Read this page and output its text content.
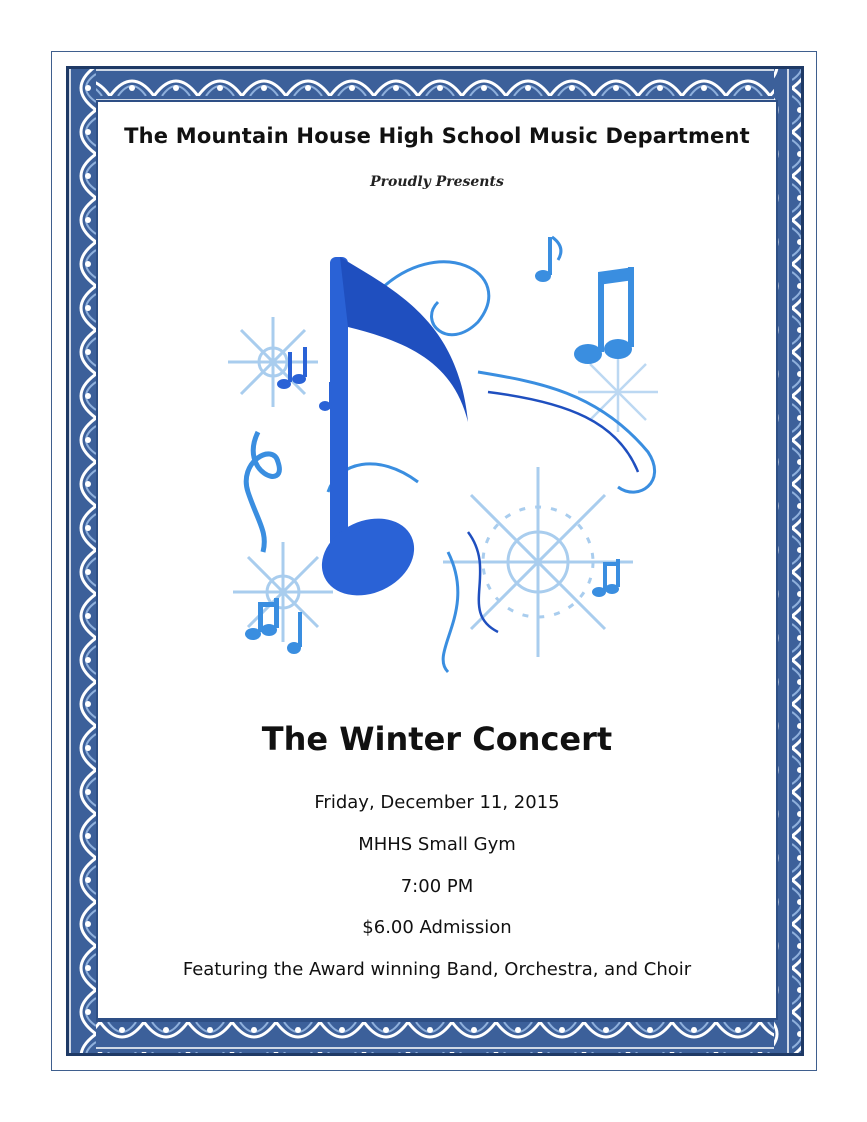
The Mountain House High School Music Department
Proudly Presents
The Winter Concert
Friday, December 11, 2015
MHHS Small Gym
7:00 PM
$6.00 Admission
Featuring the Award winning Band, Orchestra, and Choir
